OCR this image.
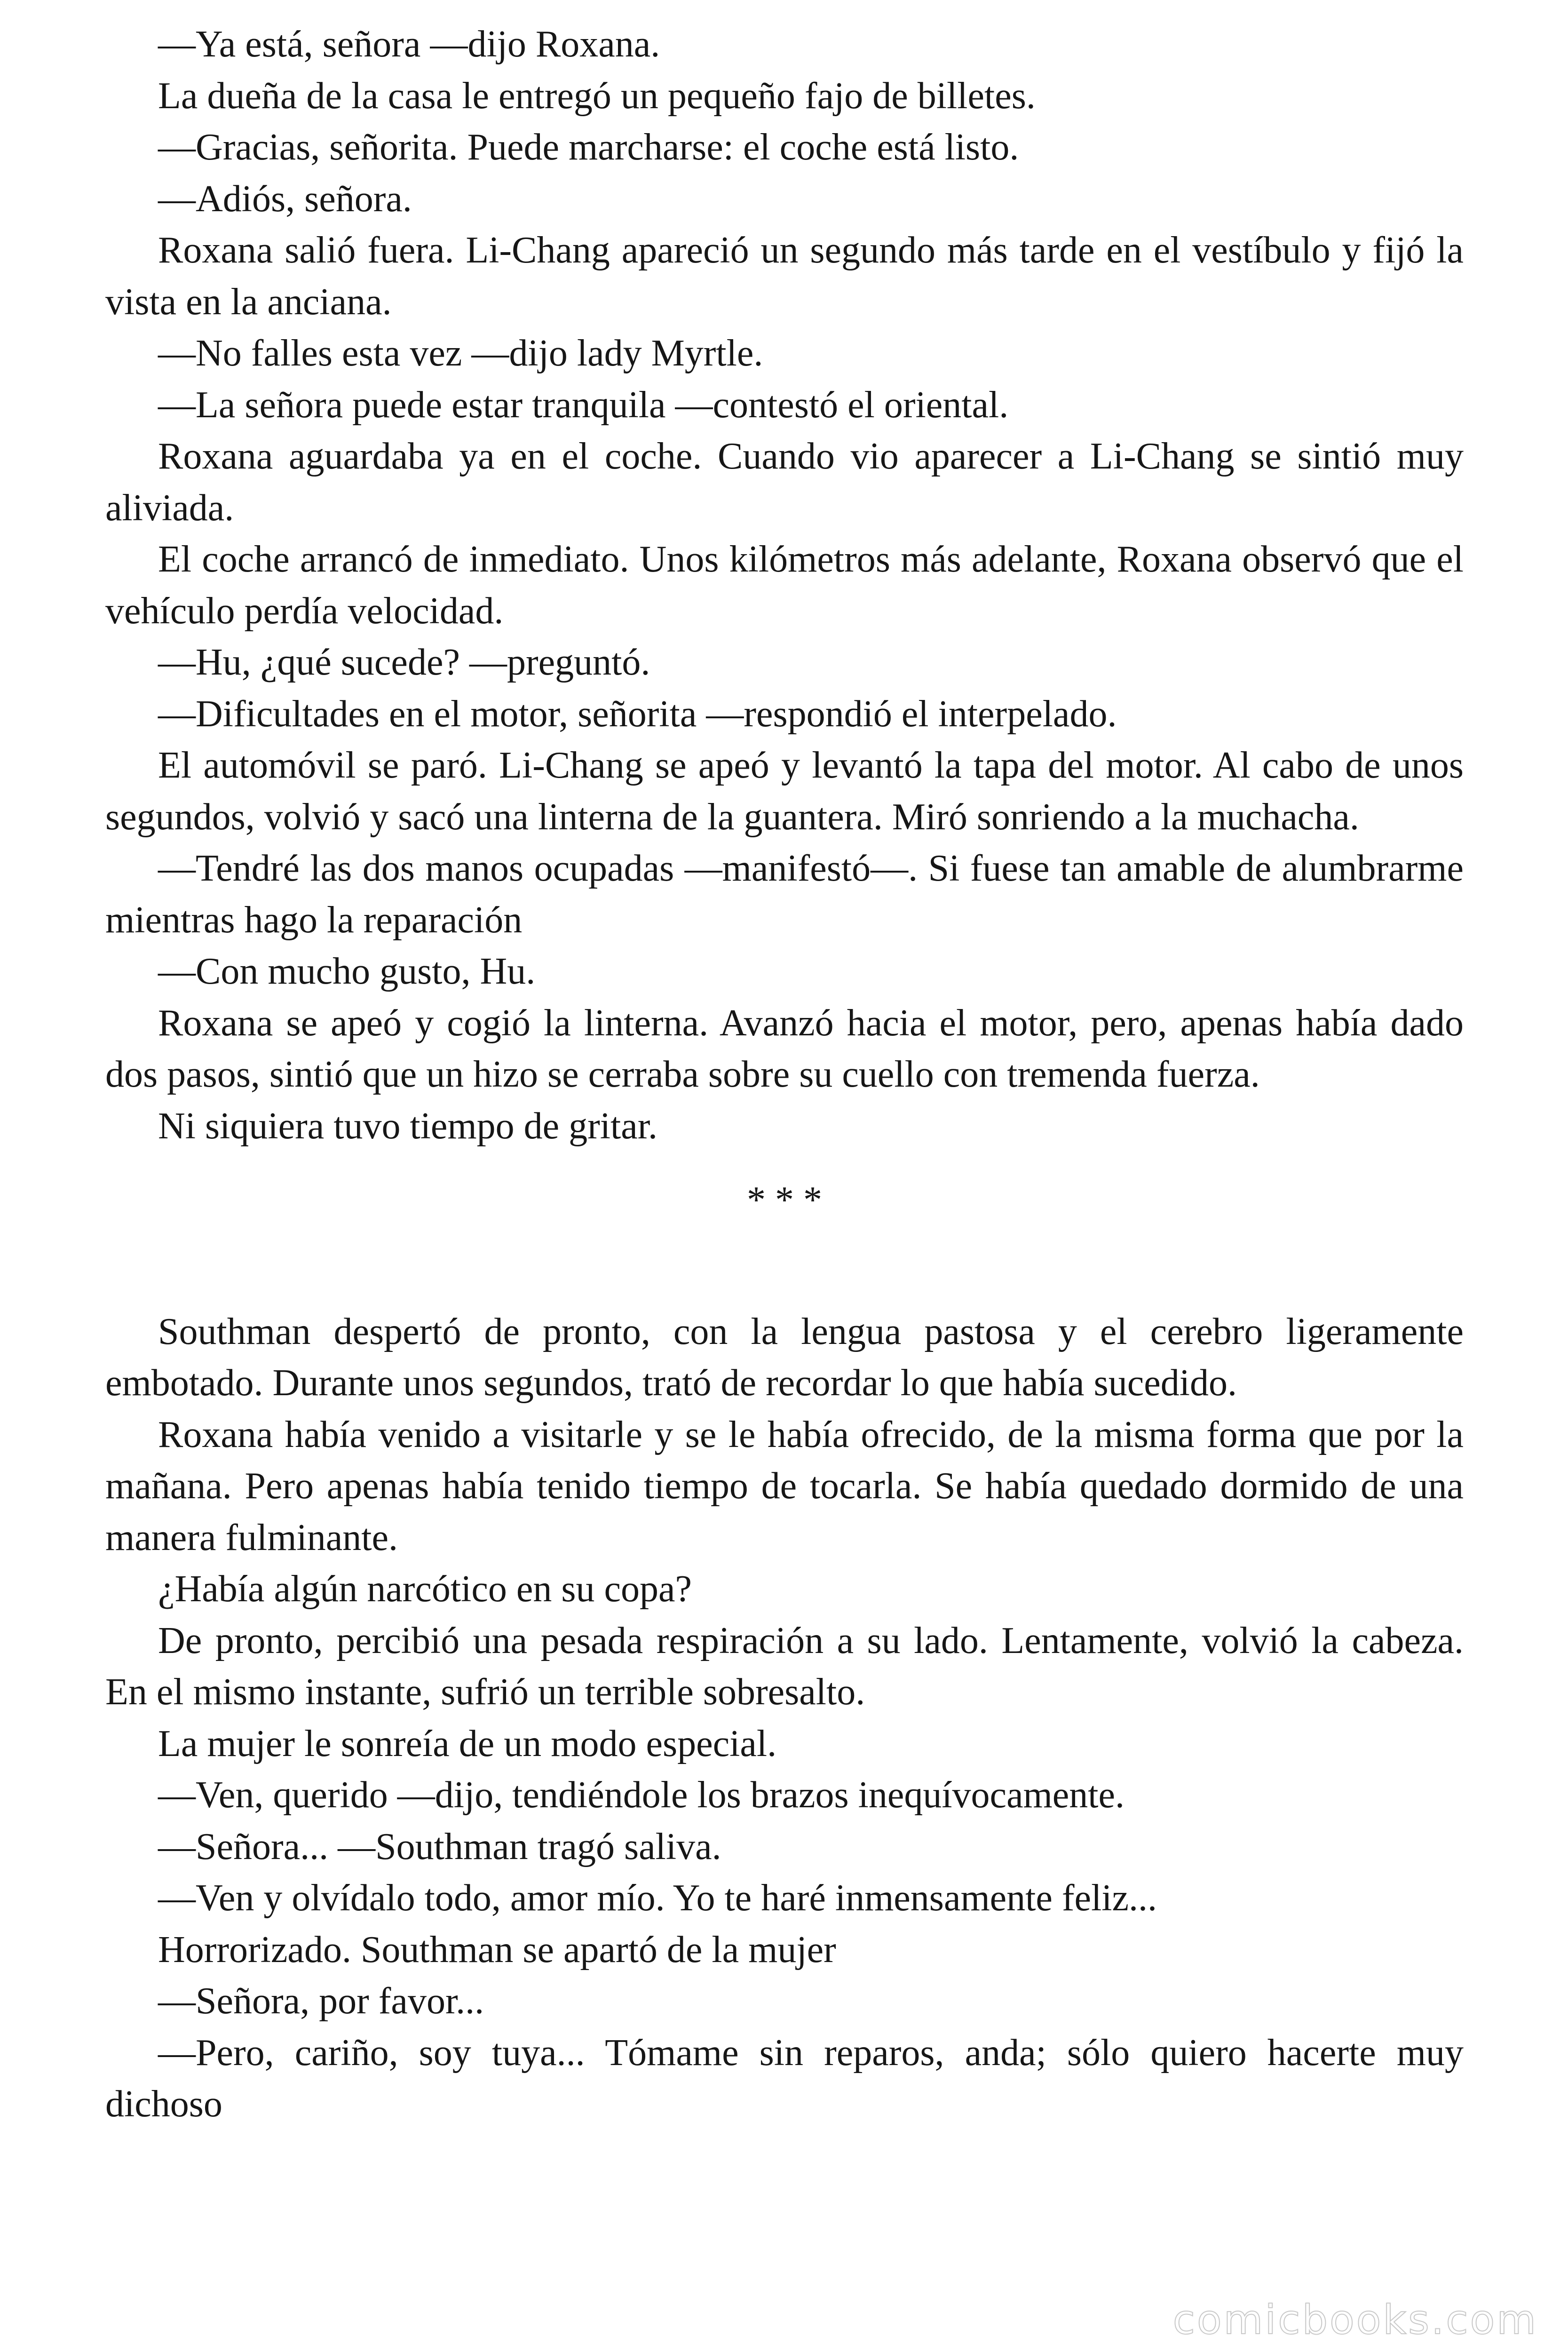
—Ya está, señora —dijo Roxana.

La dueña de la casa le entregó un pequeño fajo de billetes.

—Gracias, señorita. Puede marcharse: el coche está listo.

—Adiós, señora.

Roxana salió fuera. Li-Chang apareció un segundo más tarde en el vestíbulo y fijó la vista en la anciana.

—No falles esta vez —dijo lady Myrtle.

—La señora puede estar tranquila —contestó el oriental.

Roxana aguardaba ya en el coche. Cuando vio aparecer a Li-Chang se sintió muy aliviada.

El coche arrancó de inmediato. Unos kilómetros más adelante, Roxana observó que el vehículo perdía velocidad.

—Hu, ¿qué sucede? —preguntó.

—Dificultades en el motor, señorita —respondió el interpelado.

El automóvil se paró. Li-Chang se apeó y levantó la tapa del motor. Al cabo de unos segundos, volvió y sacó una linterna de la guantera. Miró sonriendo a la muchacha.

—Tendré las dos manos ocupadas —manifestó—. Si fuese tan amable de alumbrarme mientras hago la reparación

—Con mucho gusto, Hu.

Roxana se apeó y cogió la linterna. Avanzó hacia el motor, pero, apenas había dado dos pasos, sintió que un hizo se cerraba sobre su cuello con tremenda fuerza.

Ni siquiera tuvo tiempo de gritar.

* * *

Southman despertó de pronto, con la lengua pastosa y el cerebro ligeramente embotado. Durante unos segundos, trató de recordar lo que había sucedido.

Roxana había venido a visitarle y se le había ofrecido, de la misma forma que por la mañana. Pero apenas había tenido tiempo de tocarla. Se había quedado dormido de una manera fulminante.

¿Había algún narcótico en su copa?

De pronto, percibió una pesada respiración a su lado. Lentamente, volvió la cabeza. En el mismo instante, sufrió un terrible sobresalto.

La mujer le sonreía de un modo especial.

—Ven, querido —dijo, tendiéndole los brazos inequívocamente.

—Señora... —Southman tragó saliva.

—Ven y olvídalo todo, amor mío. Yo te haré inmensamente feliz...

Horrorizado. Southman se apartó de la mujer

—Señora, por favor...

—Pero, cariño, soy tuya... Tómame sin reparos, anda; sólo quiero hacerte muy dichoso

comicbooks.com
